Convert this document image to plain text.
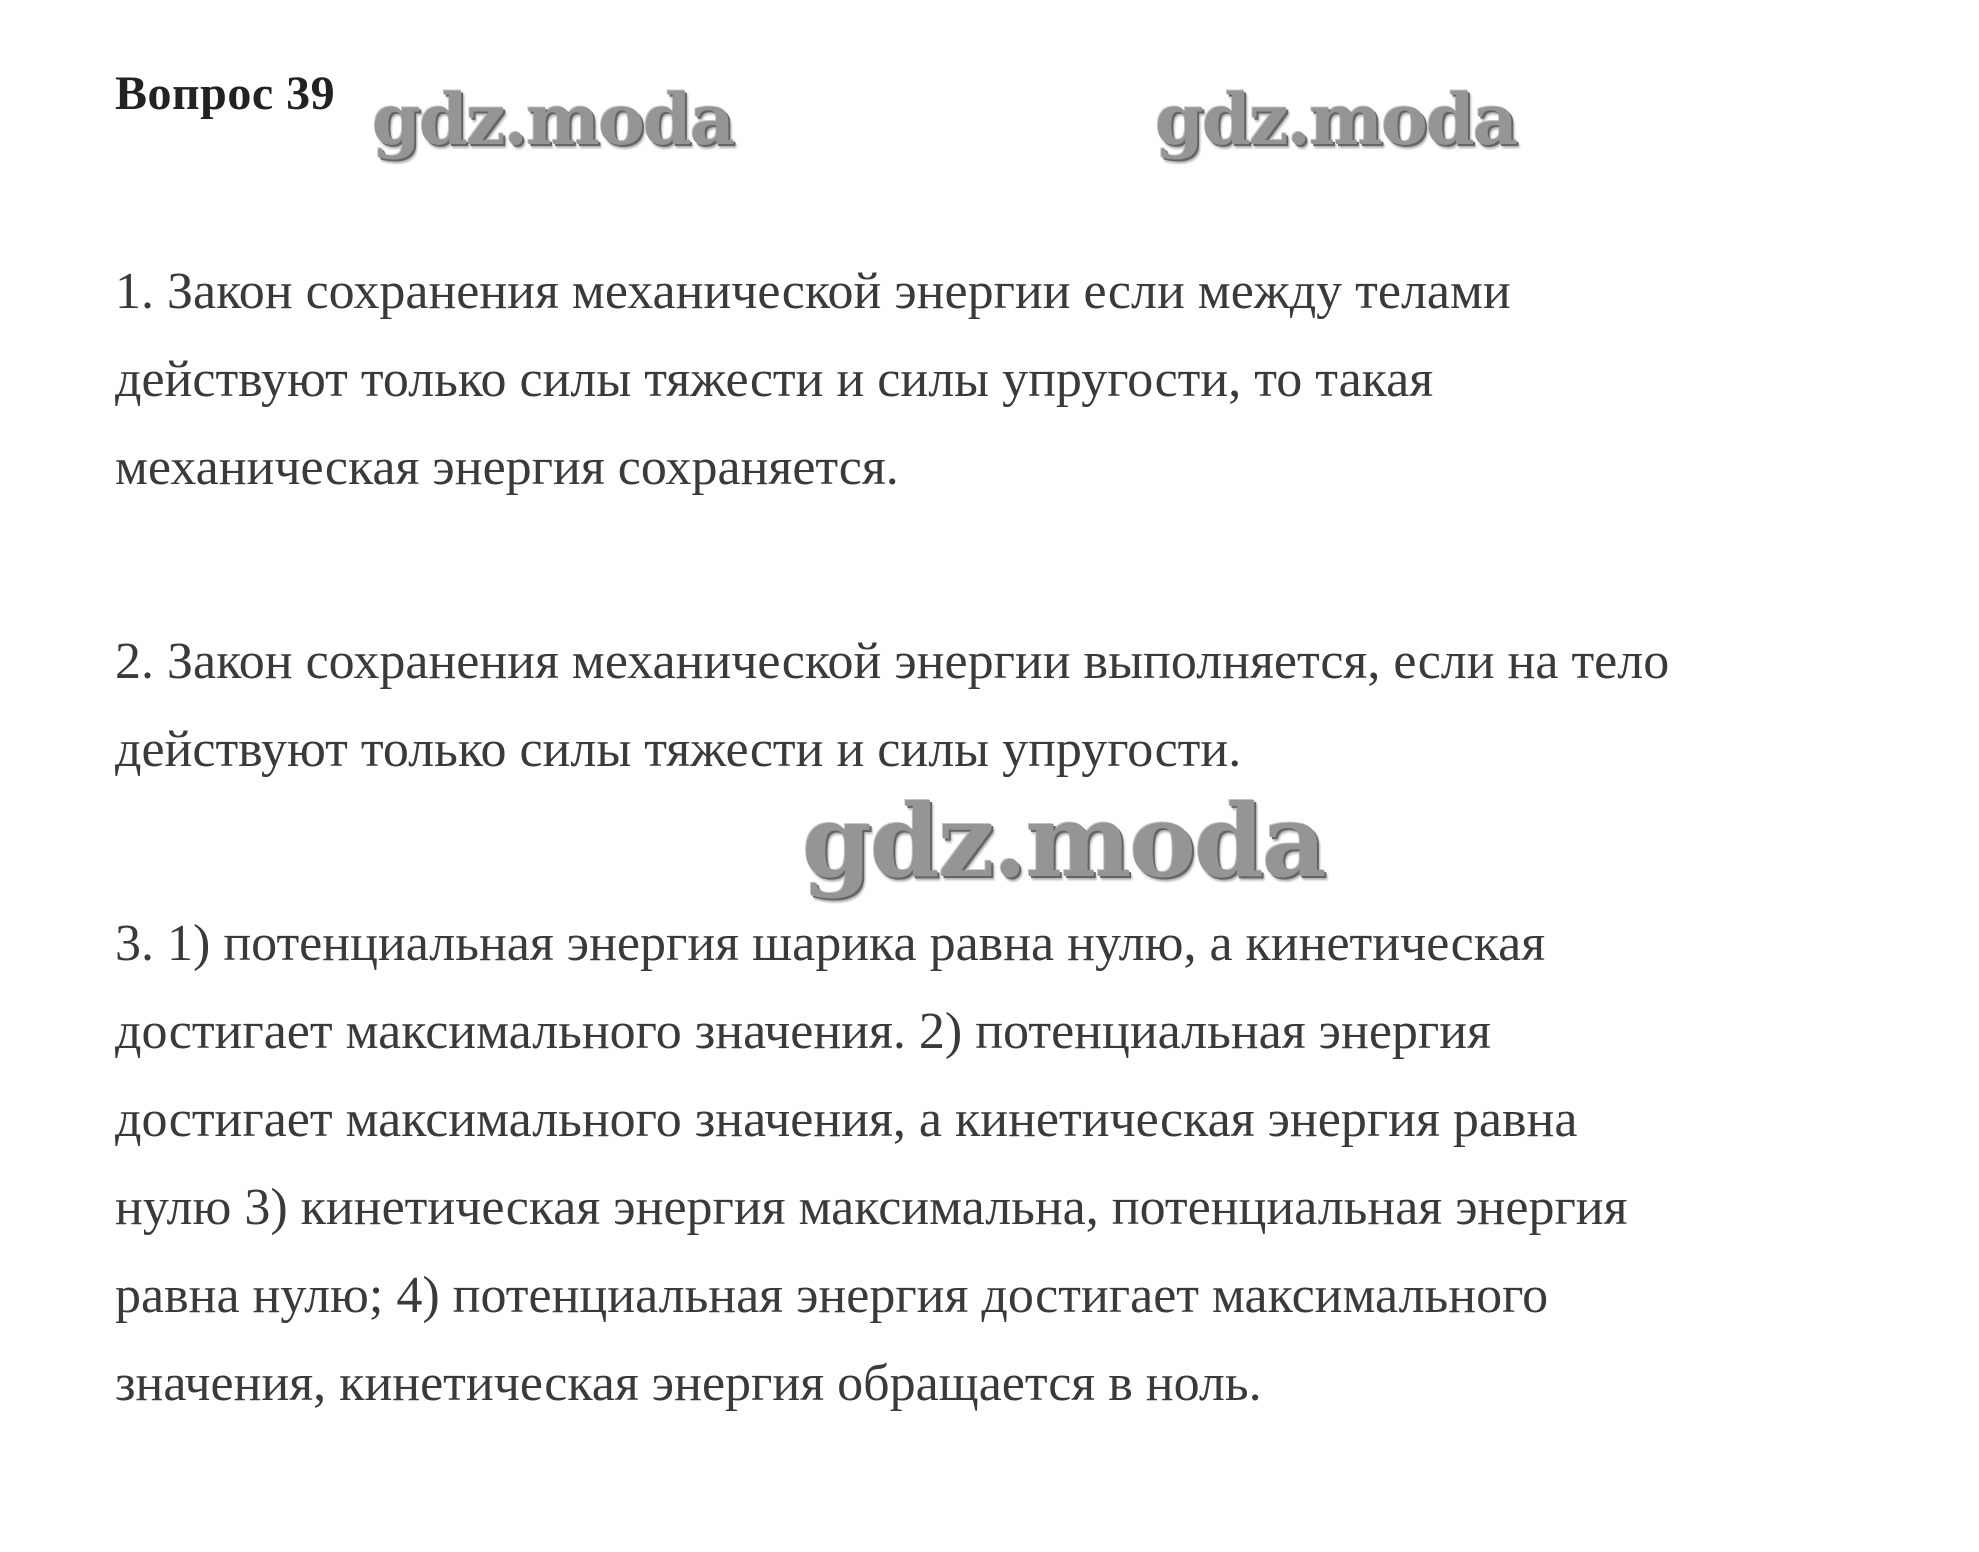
Вопрос 39 gdz.moda	gdz.moda

1. Закон сохранения механической энергии если между телами
действуют только силы тяжести и силы упругости, то такая
механическая энергия сохраняется.

2. Закон сохранения механической энергии выполняется, если на тело
действуют только силы тяжести и силы упругости.

gdz.moda

3. 1) потенциальная энергия шарика равна нулю, а кинетическая
достигает максимального значения. 2) потенциальная энергия
достигает максимального значения, а кинетическая энергия равна
нулю 3) кинетическая энергия максимальна, потенциальная энергия
равна нулю; 4) потенциальная энергия достигает максимального
значения, кинетическая энергия обращается в ноль.
